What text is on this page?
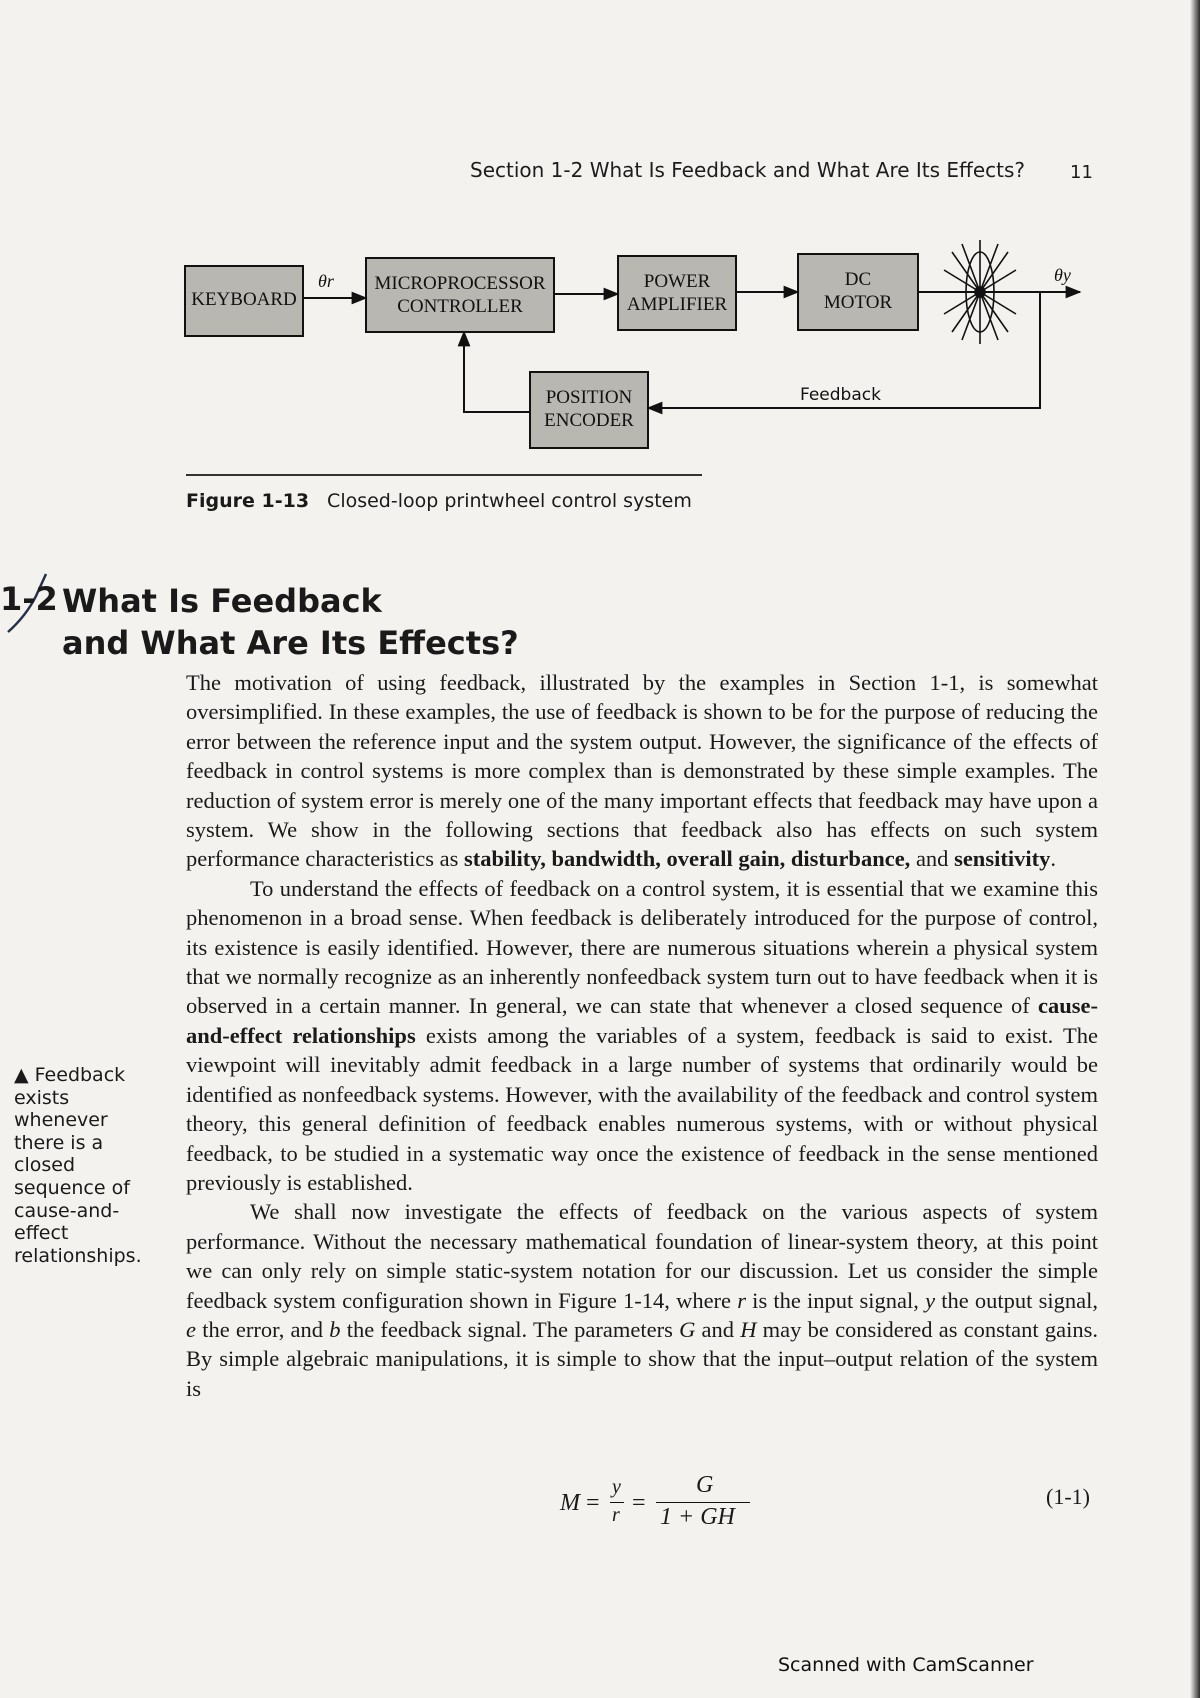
Section 1-2 What Is Feedback and What Are Its Effects?	11
KEYBOARD
MICROPROCESSOR
CONTROLLER
POWER
AMPLIFIER
DC
MOTOR
POSITION
ENCODER
θr	θy
Feedback
Figure 1-13 Closed-loop printwheel control system
1-2 What Is Feedback
and What Are Its Effects?

The motivation of using feedback, illustrated by the examples in Section 1-1, is somewhat oversimplified. In these examples, the use of feedback is shown to be for the purpose of reducing the error between the reference input and the system output. However, the significance of the effects of feedback in control systems is more complex than is demonstrated by these simple examples. The reduction of system error is merely one of the many important effects that feedback may have upon a system. We show in the following sections that feedback also has effects on such system performance characteristics as stability, bandwidth, overall gain, disturbance, and sensitivity.

To understand the effects of feedback on a control system, it is essential that we examine this phenomenon in a broad sense. When feedback is deliberately introduced for the purpose of control, its existence is easily identified. However, there are numerous situations wherein a physical system that we normally recognize as an inherently nonfeedback system turn out to have feedback when it is observed in a certain manner. In general, we can state that whenever a closed sequence of cause-and-effect relationships exists among the variables of a system, feedback is said to exist. The viewpoint will inevitably admit feedback in a large number of systems that ordinarily would be identified as nonfeedback systems. However, with the availability of the feedback and control system theory, this general definition of feedback enables numerous systems, with or without physical feedback, to be studied in a systematic way once the existence of feedback in the sense mentioned previously is established.

We shall now investigate the effects of feedback on the various aspects of system performance. Without the necessary mathematical foundation of linear-system theory, at this point we can only rely on simple static-system notation for our discussion. Let us consider the simple feedback system configuration shown in Figure 1-14, where r is the input signal, y the output signal, e the error, and b the feedback signal. The parameters G and H may be considered as constant gains. By simple algebraic manipulations, it is simple to show that the input–output relation of the system is

▲ Feedback exists whenever there is a closed sequence of cause-and-effect relationships.
M =
y
r =
G
1 + GH
(1-1)
Scanned with CamScanner
